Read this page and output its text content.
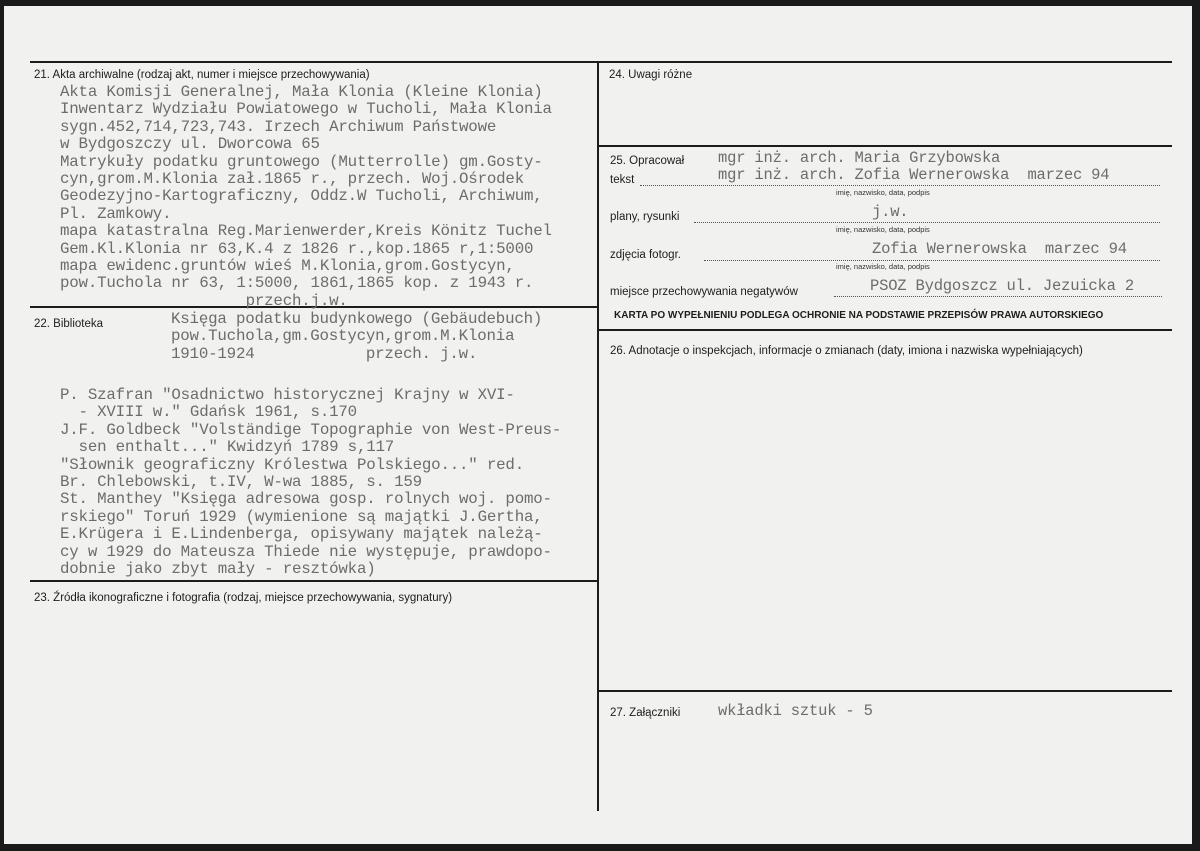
21. Akta archiwalne (rodzaj akt, numer i miejsce przechowywania)
Akta Komisji Generalnej, Mała Klonia (Kleine Klonia)
Inwentarz Wydziału Powiatowego w Tucholi, Mała Klonia
sygn.452,714,723,743. Irzech Archiwum Państwowe
w Bydgoszczy ul. Dworcowa 65
Matrykuły podatku gruntowego (Mutterrolle) gm.Gosty-
cyn,grom.M.Klonia zał.1865 r., przech. Woj.Ośrodek
Geodezyjno-Kartograficzny, Oddz.W Tucholi, Archiwum,
Pl. Zamkowy.
mapa katastralna Reg.Marienwerder,Kreis Könitz Tuchel
Gem.Kl.Klonia nr 63,K.4 z 1826 r.,kop.1865 r,1:5000
mapa ewidenc.gruntów wieś M.Klonia,grom.Gostycyn,
pow.Tuchola nr 63, 1:5000, 1861,1865 kop. z 1943 r.
przech.j.w.
22. Biblioteka	Księga podatku budynkowego (Gebäudebuch)
pow.Tuchola,gm.Gostycyn,grom.M.Klonia
1910-1924            przech. j.w.
P. Szafran "Osadnictwo historycznej Krajny w XVI-
- XVIII w." Gdańsk 1961, s.170
J.F. Goldbeck "Volständige Topographie von West-Preus-
sen enthalt..." Kwidzyń 1789 s,117
"Słownik geograficzny Królestwa Polskiego..." red.
Br. Chlebowski, t.IV, W-wa 1885, s. 159
St. Manthey "Księga adresowa gosp. rolnych woj. pomo-
rskiego" Toruń 1929 (wymienione są majątki J.Gertha,
E.Krügera i E.Lindenberga, opisywany majątek należą-
cy w 1929 do Mateusza Thiede nie występuje, prawdopo-
dobnie jako zbyt mały - resztówka)
23. Źródła ikonograficzne i fotografia (rodzaj, miejsce przechowywania, sygnatury)
24. Uwagi różne
25. Opracował mgr inż. arch. Maria Grzybowska
tekst	mgr inż. arch. Zofia Wernerowska  marzec 94
imię, nazwisko, data, podpis
plany, rysunki	j.w.
imię, nazwisko, data, podpis
zdjęcia fotogr.	Zofia Wernerowska  marzec 94
imię, nazwisko, data, podpis
miejsce przechowywania negatywów	PSOZ Bydgoszcz ul. Jezuicka 2
KARTA PO WYPEŁNIENIU PODLEGA OCHRONIE NA PODSTAWIE PRZEPISÓW PRAWA AUTORSKIEGO
26. Adnotacje o inspekcjach, informacje o zmianach (daty, imiona i nazwiska wypełniających)
27. Załączniki wkładki sztuk - 5
